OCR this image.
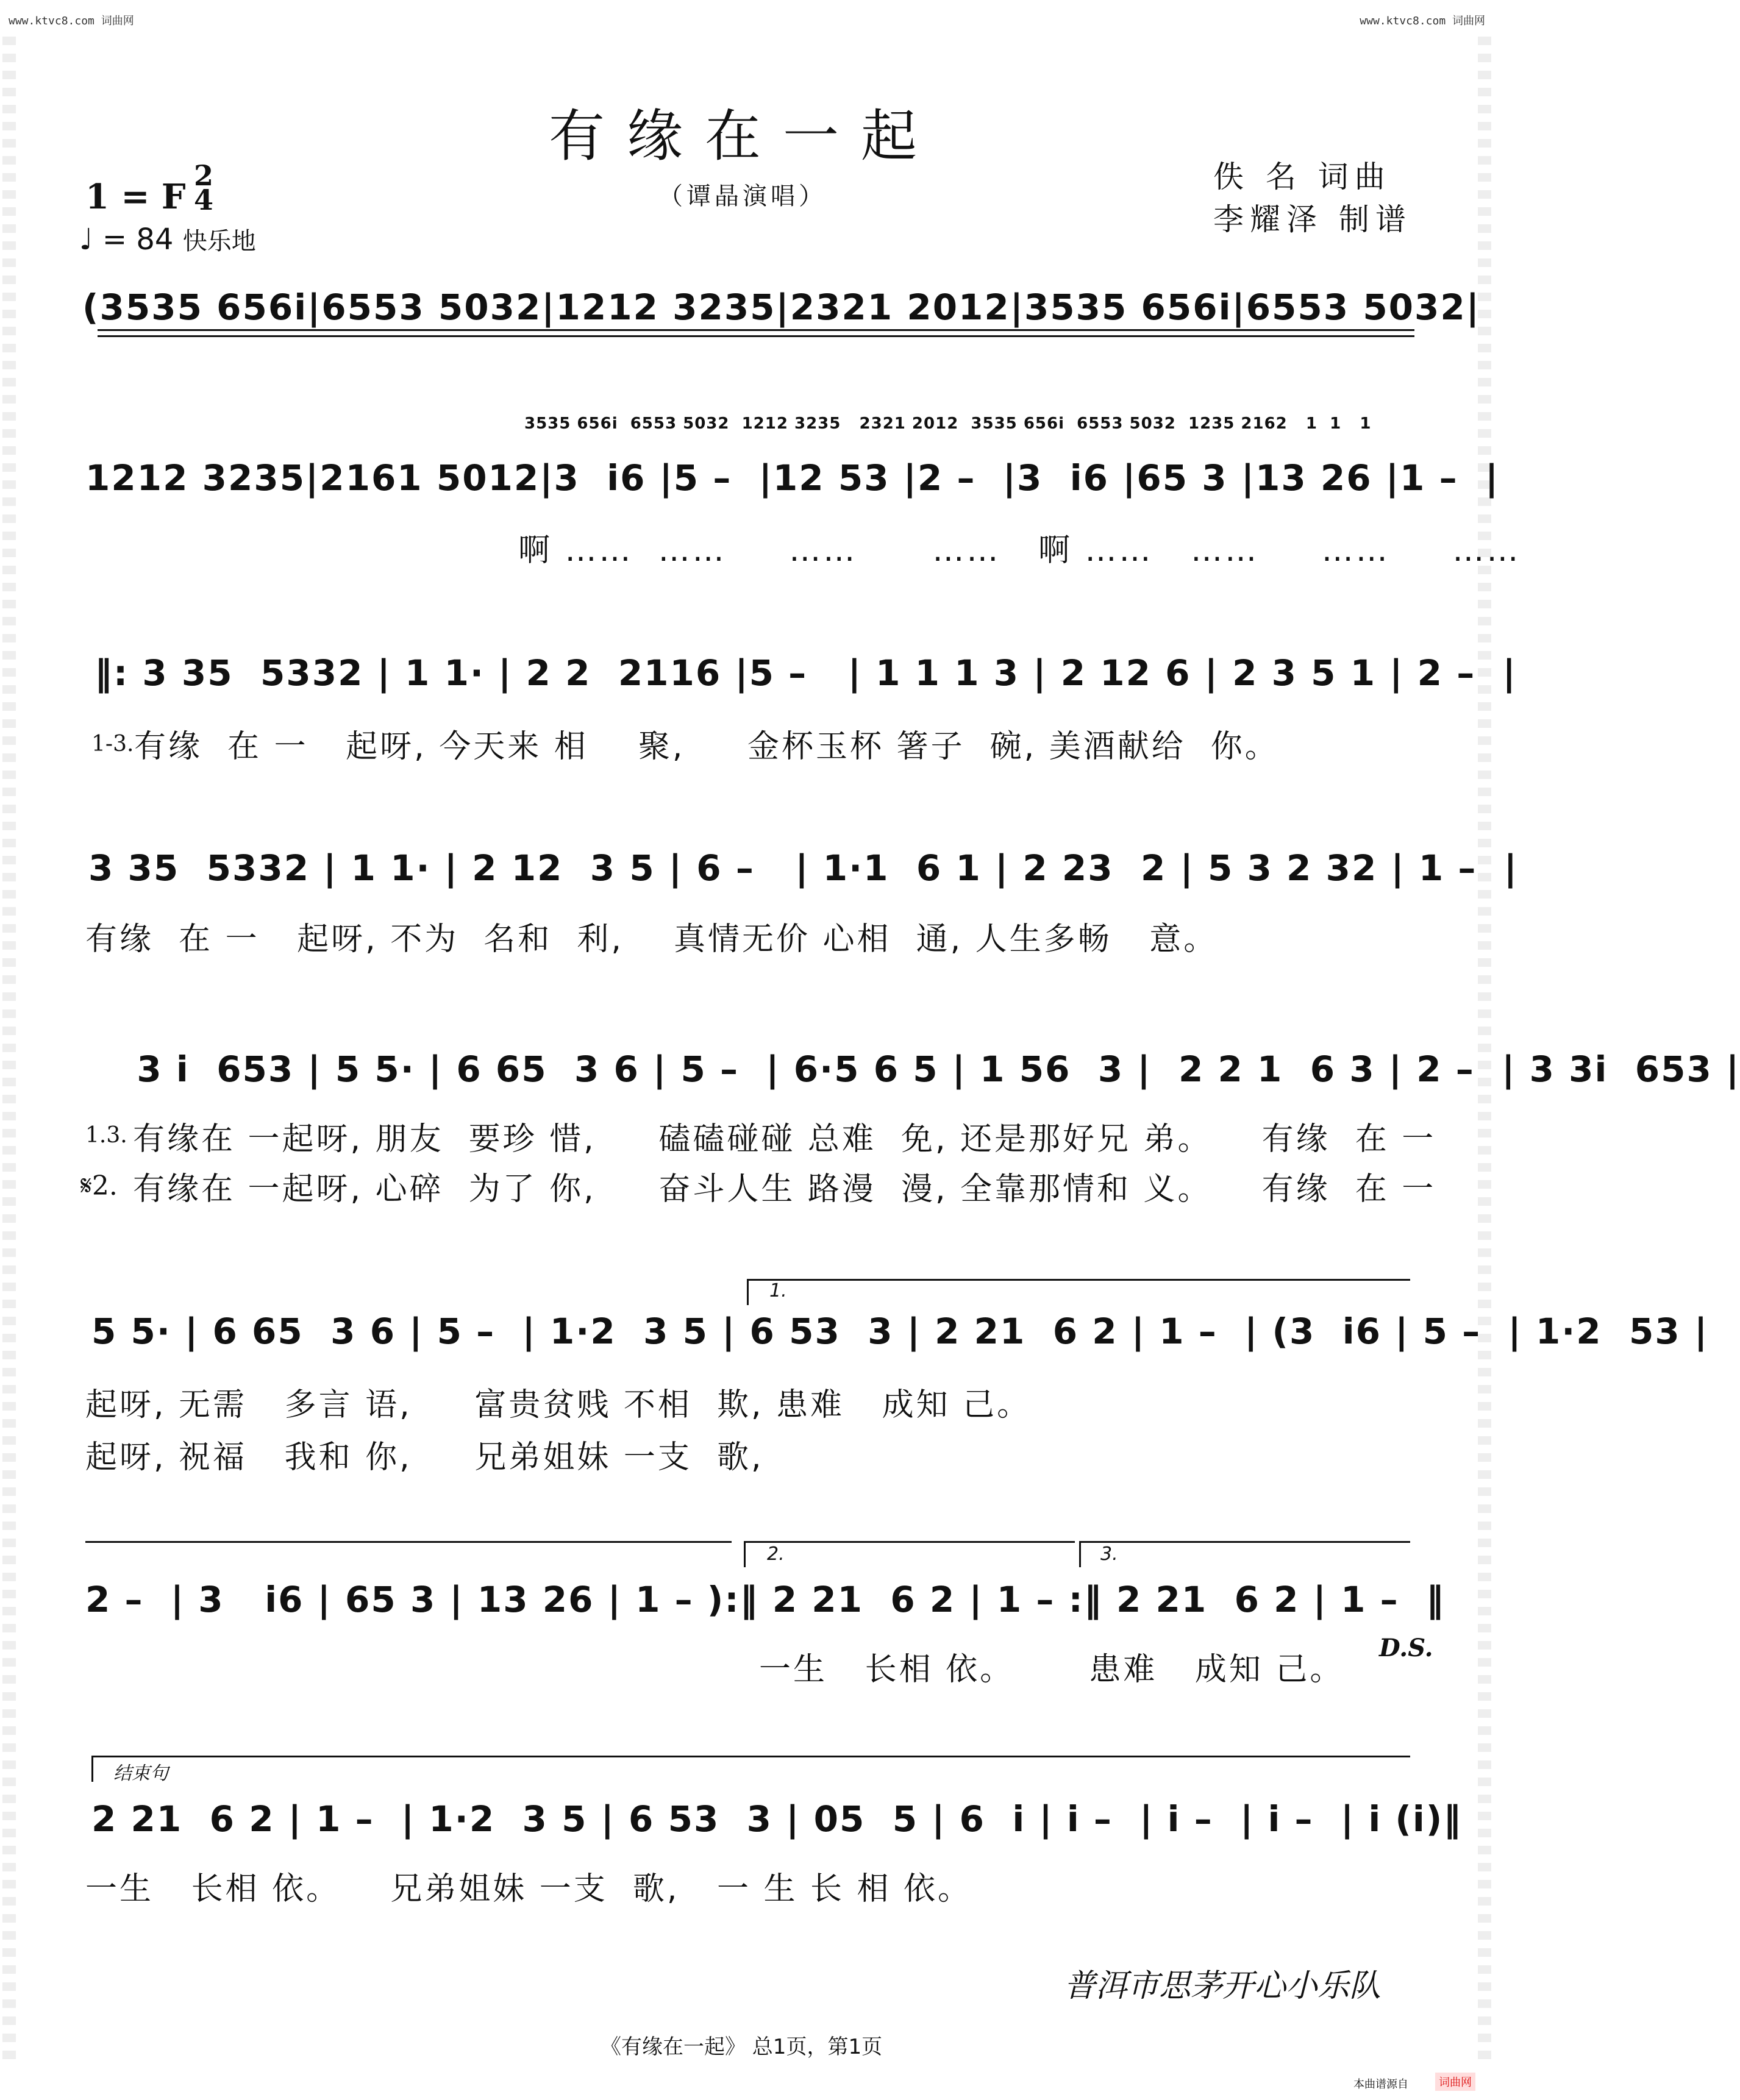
www.ktvc8.com 词曲网	www.ktvc8.com 词曲网
有缘在一起
（谭晶演唱）
佚 名 词曲
李耀泽 制谱
1 = F
2
4
♩ = 84 快乐地
(3535 656i|6553 5032|1212 3235|2321 2012|3535 656i|6553 5032|
3535 656i  6553 5032  1212 3235   2321 2012  3535 656i  6553 5032  1235 2162   1  1   1
1212 3235|2161 5012|3  i6 |5 –  |12 53 |2 –  |3  i6 |65 3 |13 26 |1 –  |
啊 ……  ……     ……      ……   啊 ……   ……     ……     ……
‖: 3 35  5332 | 1 1· | 2 2  2116 |5 –   | 1 1 1 3 | 2 12 6 | 2 3 5 1 | 2 –  |
1-3. 有缘  在 一   起呀, 今天来 相    聚,     金杯玉杯 箸子  碗, 美酒献给  你。
3 35  5332 | 1 1· | 2 12  3 5 | 6 –   | 1·1  6 1 | 2 23  2 | 5 3 2 32 | 1 –  |
有缘  在 一   起呀, 不为  名和  利,    真情无价 心相  通, 人生多畅   意。
3 i  653 | 5 5· | 6 65  3 6 | 5 –  | 6·5 6 5 | 1 56  3 |  2 2 1  6 3 | 2 –  | 3 3i  653 |
1.3. 有缘在 一起呀, 朋友  要珍 惜,     磕磕碰碰 总难  免, 还是那好兄 弟。    有缘  在 一
𝄋2. 有缘在 一起呀, 心碎  为了 你,     奋斗人生 路漫  漫, 全靠那情和 义。    有缘  在 一
1.
5 5· | 6 65  3 6 | 5 –  | 1·2  3 5 | 6 53  3 | 2 21  6 2 | 1 –  | (3  i6 | 5 –  | 1·2  53 |
起呀, 无需   多言 语,     富贵贫贱 不相  欺, 患难   成知 己。
起呀, 祝福   我和 你,     兄弟姐妹 一支  歌,
2.	3.
2 –  | 3   i6 | 65 3 | 13 26 | 1 – ):‖ 2 21  6 2 | 1 – :‖ 2 21  6 2 | 1 –  ‖
一生   长相 依。      患难   成知 己。
D.S.
结束句
2 21  6 2 | 1 –  | 1·2  3 5 | 6 53  3 | 05  5 | 6  i | i –  | i –  | i –  | i (i)‖
一生   长相 依。    兄弟姐妹 一支  歌,   一 生 长 相 依。
普洱市思茅开心小乐队
《有缘在一起》 总1页，第1页
本曲谱源自	词曲网
